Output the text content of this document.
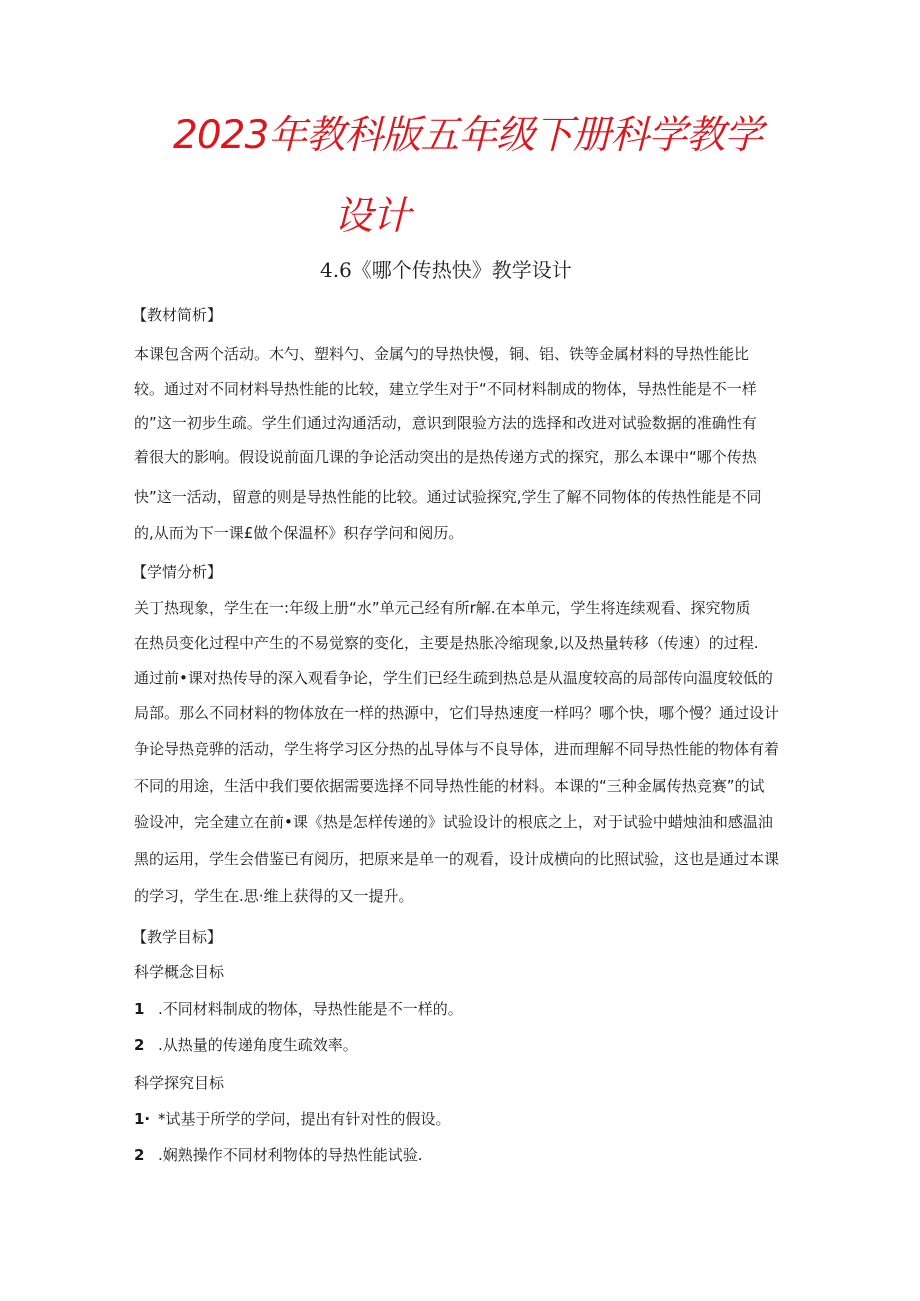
2023年教科版五年级下册科学教学
设计
4.6《哪个传热快》教学设计
【教材简析】
本课包含两个活动。木勺、塑料勺、金属勺的导热快慢，铜、铝、铁等金属材料的导热性能比
较。通过对不同材料导热性能的比较，建立学生对于“不同材料制成的物体，导热性能是不一样
的”这一初步生疏。学生们通过沟通活动，意识到限验方法的选择和改进对试验数据的准确性有
着很大的影响。假设说前面几课的争论活动突出的是热传递方式的探究，那么本课中“哪个传热
快”这一活动，留意的则是导热性能的比较。通过试验探究,学生了解不同物体的传热性能是不同
的,从而为下一课£做个保温杯》积存学问和阅历。
【学情分析】
关丁热现象，学生在一:年级上册“水”单元己经有所r解.在本单元，学生将连续观看、探究物质
在热员变化过程中产生的不易觉察的变化，主要是热胀冷缩现象,以及热量转移（传速）的过程.
通过前•课对热传导的深入观看争论，学生们已经生疏到热总是从温度较高的局部传向温度较低的
局部。那么不同材料的物体放在一样的热源中，它们导热速度一样吗？哪个快，哪个慢？通过设计
争论导热竞骅的活动，学生将学习区分热的乩导体与不良导体，进而理解不同导热性能的物体有着
不同的用途，生活中我们要依据需要选择不同导热性能的材料。本课的“三种金属传热竞赛”的试
验设冲，完全建立在前•课《热是怎样传递的》试验设计的根底之上，对于试验中蜡烛油和感温油
黑的运用，学生会借鉴已有阅历，把原来是单一的观看，设计成横向的比照试验，这也是通过本课
的学习，学生在.思·维上获得的又一提升。
【教学目标】
科学概念目标
1 .不同材料制成的物体，导热性能是不一样的。
2 .从热量的传递角度生疏效率。
科学探究目标
1· *试基于所学的学问，提出有针对性的假设。
2 .娴熟操作不同材利物体的导热性能试验.
